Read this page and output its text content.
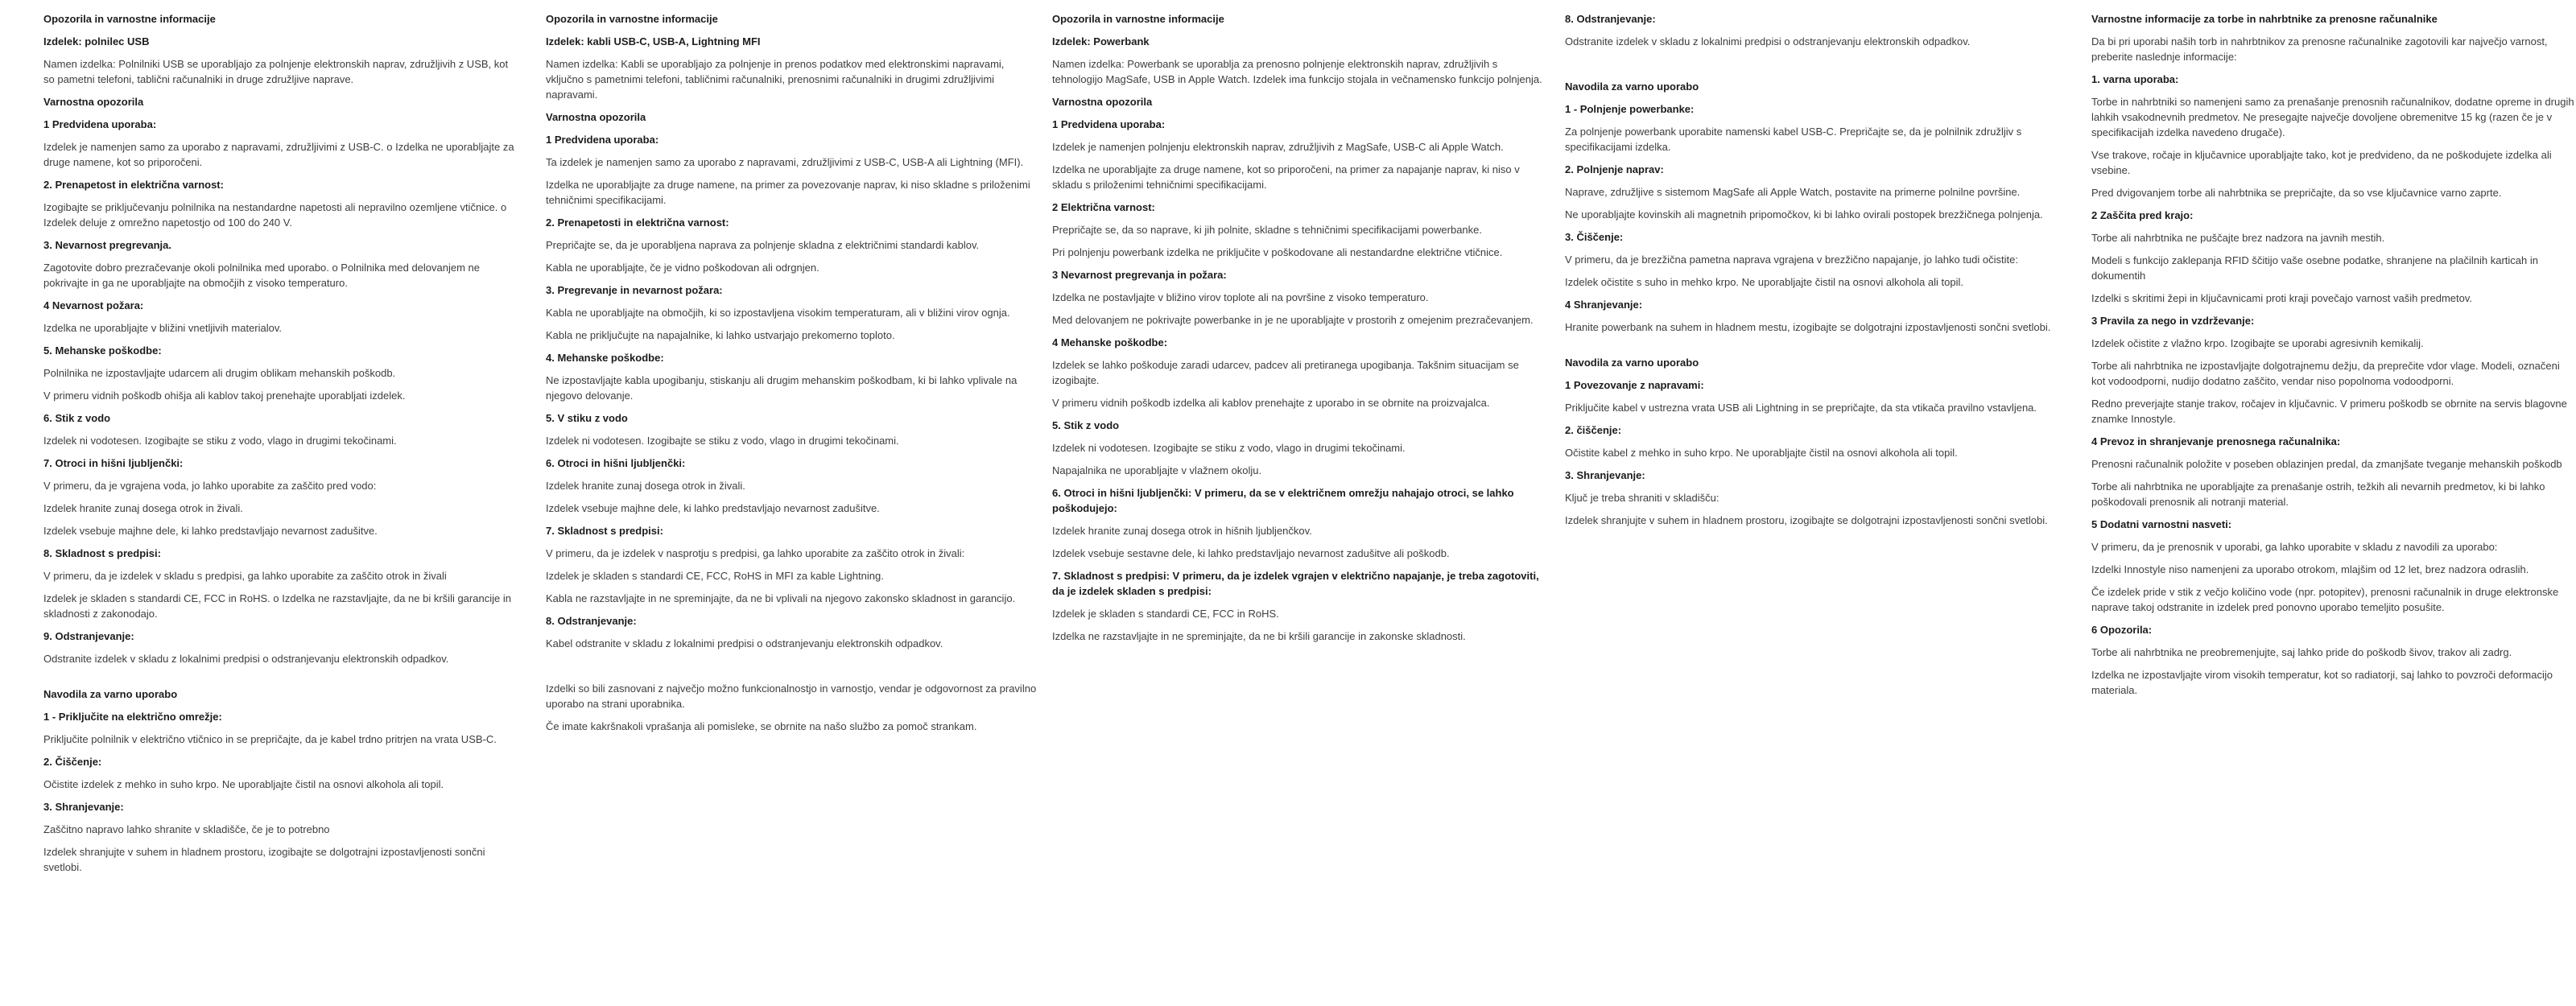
Opozorila in varnostne informacije
Izdelek: polnilec USB
Namen izdelka: Polnilniki USB se uporabljajo za polnjenje elektronskih naprav, združljivih z USB, kot so pametni telefoni, tablični računalniki in druge združljive naprave.
Varnostna opozorila
1 Predvidena uporaba:
Izdelek je namenjen samo za uporabo z napravami, združljivimi z USB-C. o Izdelka ne uporabljajte za druge namene, kot so priporočeni.
2. Prenapetost in električna varnost:
Izogibajte se priključevanju polnilnika na nestandardne napetosti ali nepravilno ozemljene vtičnice. o Izdelek deluje z omrežno napetostjo od 100 do 240 V.
3. Nevarnost pregrevanja.
Zagotovite dobro prezračevanje okoli polnilnika med uporabo. o Polnilnika med delovanjem ne pokrivajte in ga ne uporabljajte na območjih z visoko temperaturo.
4 Nevarnost požara:
Izdelka ne uporabljajte v bližini vnetljivih materialov.
5. Mehanske poškodbe:
Polnilnika ne izpostavljajte udarcem ali drugim oblikam mehanskih poškodb.
V primeru vidnih poškodb ohišja ali kablov takoj prenehajte uporabljati izdelek.
6. Stik z vodo
Izdelek ni vodotesen. Izogibajte se stiku z vodo, vlago in drugimi tekočinami.
7. Otroci in hišni ljubljenčki:
V primeru, da je vgrajena voda, jo lahko uporabite za zaščito pred vodo:
Izdelek hranite zunaj dosega otrok in živali.
Izdelek vsebuje majhne dele, ki lahko predstavljajo nevarnost zadušitve.
8. Skladnost s predpisi:
V primeru, da je izdelek v skladu s predpisi, ga lahko uporabite za zaščito otrok in živali
Izdelek je skladen s standardi CE, FCC in RoHS. o Izdelka ne razstavljajte, da ne bi kršili garancije in skladnosti z zakonodajo.
9. Odstranjevanje:
Odstranite izdelek v skladu z lokalnimi predpisi o odstranjevanju elektronskih odpadkov.
Navodila za varno uporabo
1 - Priključite na električno omrežje:
Priključite polnilnik v električno vtičnico in se prepričajte, da je kabel trdno pritrjen na vrata USB-C.
2. Čiščenje:
Očistite izdelek z mehko in suho krpo. Ne uporabljajte čistil na osnovi alkohola ali topil.
3. Shranjevanje:
Zaščitno napravo lahko shranite v skladišče, če je to potrebno
Izdelek shranjujte v suhem in hladnem prostoru, izogibajte se dolgotrajni izpostavljenosti sončni svetlobi.
Opozorila in varnostne informacije
Izdelek: kabli USB-C, USB-A, Lightning MFI
Namen izdelka: Kabli se uporabljajo za polnjenje in prenos podatkov med elektronskimi napravami, vključno s pametnimi telefoni, tabličnimi računalniki, prenosnimi računalniki in drugimi združljivimi napravami.
Varnostna opozorila
1 Predvidena uporaba:
Ta izdelek je namenjen samo za uporabo z napravami, združljivimi z USB-C, USB-A ali Lightning (MFI).
Izdelka ne uporabljajte za druge namene, na primer za povezovanje naprav, ki niso skladne s priloženimi tehničnimi specifikacijami.
2. Prenapetosti in električna varnost:
Prepričajte se, da je uporabljena naprava za polnjenje skladna z električnimi standardi kablov.
Kabla ne uporabljajte, če je vidno poškodovan ali odrgnjen.
3. Pregrevanje in nevarnost požara:
Kabla ne uporabljajte na območjih, ki so izpostavljena visokim temperaturam, ali v bližini virov ognja.
Kabla ne priključujte na napajalnike, ki lahko ustvarjajo prekomerno toploto.
4. Mehanske poškodbe:
Ne izpostavljajte kabla upogibanju, stiskanju ali drugim mehanskim poškodbam, ki bi lahko vplivale na njegovo delovanje.
5. V stiku z vodo
Izdelek ni vodotesen. Izogibajte se stiku z vodo, vlago in drugimi tekočinami.
6. Otroci in hišni ljubljenčki:
Izdelek hranite zunaj dosega otrok in živali.
Izdelek vsebuje majhne dele, ki lahko predstavljajo nevarnost zadušitve.
7. Skladnost s predpisi:
V primeru, da je izdelek v nasprotju s predpisi, ga lahko uporabite za zaščito otrok in živali:
Izdelek je skladen s standardi CE, FCC, RoHS in MFI za kable Lightning.
Kabla ne razstavljajte in ne spreminjajte, da ne bi vplivali na njegovo zakonsko skladnost in garancijo.
8. Odstranjevanje:
Kabel odstranite v skladu z lokalnimi predpisi o odstranjevanju elektronskih odpadkov.
Izdelki so bili zasnovani z največjo možno funkcionalnostjo in varnostjo, vendar je odgovornost za pravilno uporabo na strani uporabnika.
Če imate kakršnakoli vprašanja ali pomisleke, se obrnite na našo službo za pomoč strankam.
Opozorila in varnostne informacije
Izdelek: Powerbank
Namen izdelka: Powerbank se uporablja za prenosno polnjenje elektronskih naprav, združljivih s tehnologijo MagSafe, USB in Apple Watch. Izdelek ima funkcijo stojala in večnamensko funkcijo polnjenja.
Varnostna opozorila
1 Predvidena uporaba:
Izdelek je namenjen polnjenju elektronskih naprav, združljivih z MagSafe, USB-C ali Apple Watch.
Izdelka ne uporabljajte za druge namene, kot so priporočeni, na primer za napajanje naprav, ki niso v skladu s priloženimi tehničnimi specifikacijami.
2 Električna varnost:
Prepričajte se, da so naprave, ki jih polnite, skladne s tehničnimi specifikacijami powerbanke.
Pri polnjenju powerbank izdelka ne priključite v poškodovane ali nestandardne električne vtičnice.
3 Nevarnost pregrevanja in požara:
Izdelka ne postavljajte v bližino virov toplote ali na površine z visoko temperaturo.
Med delovanjem ne pokrivajte powerbanke in je ne uporabljajte v prostorih z omejenim prezračevanjem.
4 Mehanske poškodbe:
Izdelek se lahko poškoduje zaradi udarcev, padcev ali pretiranega upogibanja. Takšnim situacijam se izogibajte.
V primeru vidnih poškodb izdelka ali kablov prenehajte z uporabo in se obrnite na proizvajalca.
5. Stik z vodo
Izdelek ni vodotesen. Izogibajte se stiku z vodo, vlago in drugimi tekočinami.
Napajalnika ne uporabljajte v vlažnem okolju.
6. Otroci in hišni ljubljenčki: V primeru, da se v električnem omrežju nahajajo otroci, se lahko poškodujejo:
Izdelek hranite zunaj dosega otrok in hišnih ljubljenčkov.
Izdelek vsebuje sestavne dele, ki lahko predstavljajo nevarnost zadušitve ali poškodb.
7. Skladnost s predpisi: V primeru, da je izdelek vgrajen v električno napajanje, je treba zagotoviti, da je izdelek skladen s predpisi:
Izdelek je skladen s standardi CE, FCC in RoHS.
Izdelka ne razstavljajte in ne spreminjajte, da ne bi kršili garancije in zakonske skladnosti.
8. Odstranjevanje:
Odstranite izdelek v skladu z lokalnimi predpisi o odstranjevanju elektronskih odpadkov.
Navodila za varno uporabo
1 - Polnjenje powerbanke:
Za polnjenje powerbank uporabite namenski kabel USB-C. Prepričajte se, da je polnilnik združljiv s specifikacijami izdelka.
2. Polnjenje naprav:
Naprave, združljive s sistemom MagSafe ali Apple Watch, postavite na primerne polnilne površine.
Ne uporabljajte kovinskih ali magnetnih pripomočkov, ki bi lahko ovirali postopek brezžičnega polnjenja.
3. Čiščenje:
V primeru, da je brezžična pametna naprava vgrajena v brezžično napajanje, jo lahko tudi očistite:
Izdelek očistite s suho in mehko krpo. Ne uporabljajte čistil na osnovi alkohola ali topil.
4 Shranjevanje:
Hranite powerbank na suhem in hladnem mestu, izogibajte se dolgotrajni izpostavljenosti sončni svetlobi.
Navodila za varno uporabo
1 Povezovanje z napravami:
Priključite kabel v ustrezna vrata USB ali Lightning in se prepričajte, da sta vtikača pravilno vstavljena.
2. čiščenje:
Očistite kabel z mehko in suho krpo. Ne uporabljajte čistil na osnovi alkohola ali topil.
3. Shranjevanje:
Ključ je treba shraniti v skladišču:
Izdelek shranjujte v suhem in hladnem prostoru, izogibajte se dolgotrajni izpostavljenosti sončni svetlobi.
Varnostne informacije za torbe in nahrbtnike za prenosne računalnike
Da bi pri uporabi naših torb in nahrbtnikov za prenosne računalnike zagotovili kar največjo varnost, preberite naslednje informacije:
1. varna uporaba:
Torbe in nahrbtniki so namenjeni samo za prenašanje prenosnih računalnikov, dodatne opreme in drugih lahkih vsakodnevnih predmetov. Ne presegajte največje dovoljene obremenitve 15 kg (razen če je v specifikacijah izdelka navedeno drugače).
Vse trakove, ročaje in ključavnice uporabljajte tako, kot je predvideno, da ne poškodujete izdelka ali vsebine.
Pred dvigovanjem torbe ali nahrbtnika se prepričajte, da so vse ključavnice varno zaprte.
2 Zaščita pred krajo:
Torbe ali nahrbtnika ne puščajte brez nadzora na javnih mestih.
Modeli s funkcijo zaklepanja RFID ščitijo vaše osebne podatke, shranjene na plačilnih karticah in dokumentih
Izdelki s skritimi žepi in ključavnicami proti kraji povečajo varnost vaših predmetov.
3 Pravila za nego in vzdrževanje:
Izdelek očistite z vlažno krpo. Izogibajte se uporabi agresivnih kemikalij.
Torbe ali nahrbtnika ne izpostavljajte dolgotrajnemu dežju, da preprečite vdor vlage. Modeli, označeni kot vodoodporni, nudijo dodatno zaščito, vendar niso popolnoma vodoodporni.
Redno preverjajte stanje trakov, ročajev in ključavnic. V primeru poškodb se obrnite na servis blagovne znamke Innostyle.
4 Prevoz in shranjevanje prenosnega računalnika:
Prenosni računalnik položite v poseben oblazinjen predal, da zmanjšate tveganje mehanskih poškodb
Torbe ali nahrbtnika ne uporabljajte za prenašanje ostrih, težkih ali nevarnih predmetov, ki bi lahko poškodovali prenosnik ali notranji material.
5 Dodatni varnostni nasveti:
V primeru, da je prenosnik v uporabi, ga lahko uporabite v skladu z navodili za uporabo:
Izdelki Innostyle niso namenjeni za uporabo otrokom, mlajšim od 12 let, brez nadzora odraslih.
Če izdelek pride v stik z večjo količino vode (npr. potopitev), prenosni računalnik in druge elektronske naprave takoj odstranite in izdelek pred ponovno uporabo temeljito posušite.
6 Opozorila:
Torbe ali nahrbtnika ne preobremenjujte, saj lahko pride do poškodb šivov, trakov ali zadrg.
Izdelka ne izpostavljajte virom visokih temperatur, kot so radiatorji, saj lahko to povzroči deformacijo materiala.
